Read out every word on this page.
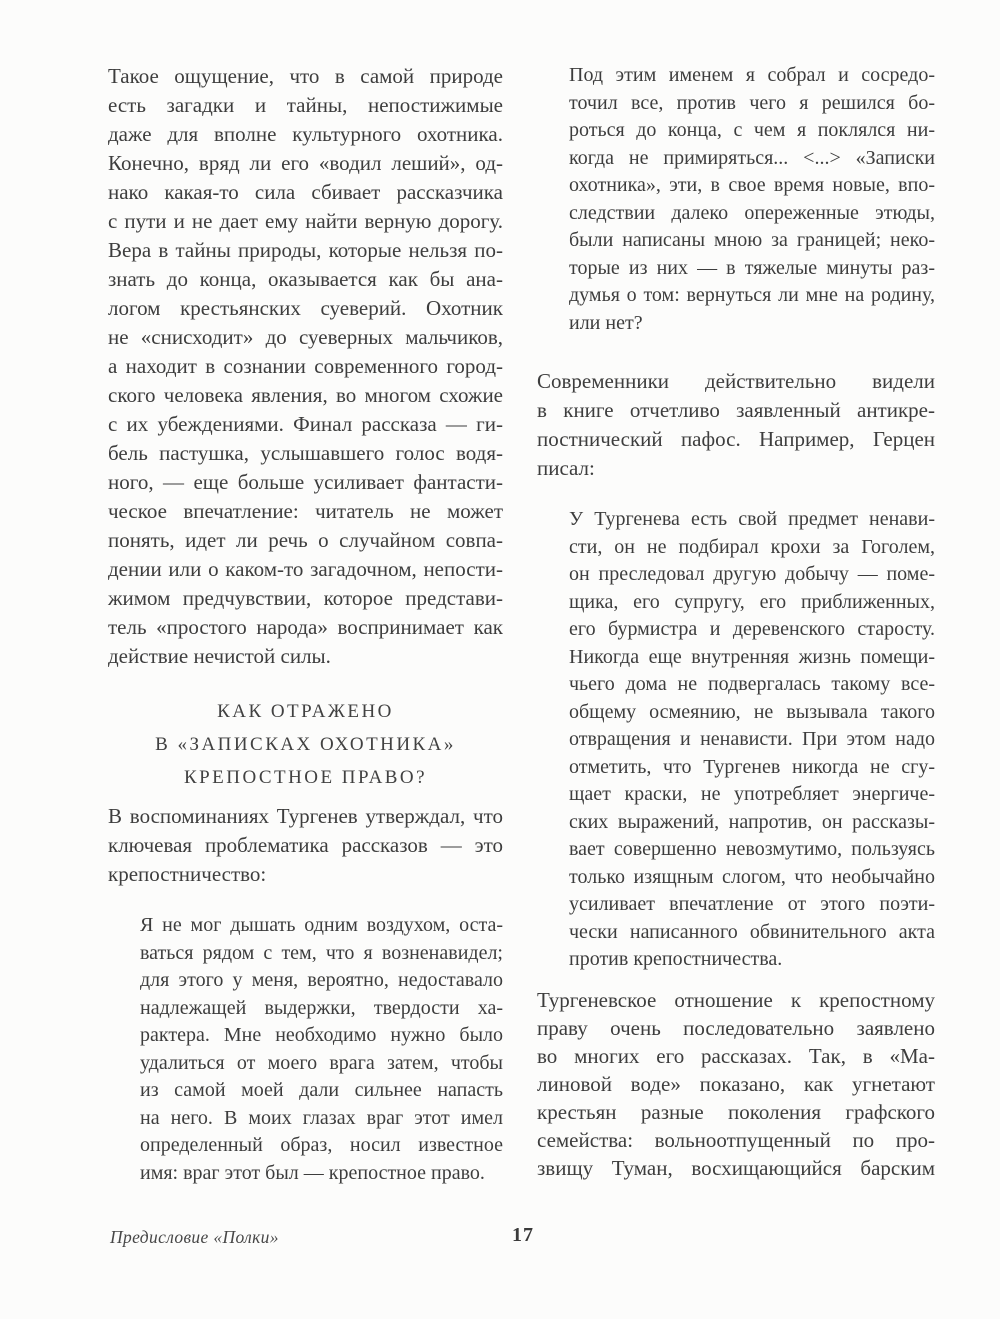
Такое ощущение, что в самой природе
есть загадки и тайны, непостижимые
даже для вполне культурного охотника.
Конечно, вряд ли его «водил леший», од-
нако какая-то сила сбивает рассказчика
с пути и не дает ему найти верную дорогу.
Вера в тайны природы, которые нельзя по-
знать до конца, оказывается как бы ана-
логом крестьянских суеверий. Охотник
не «снисходит» до суеверных мальчиков,
а находит в сознании современного город-
ского человека явления, во многом схожие
с их убеждениями. Финал рассказа — ги-
бель пастушка, услышавшего голос водя-
ного, — еще больше усиливает фантасти-
ческое впечатление: читатель не может
понять, идет ли речь о случайном совпа-
дении или о каком-то загадочном, непости-
жимом предчувствии, которое представи-
тель «простого народа» воспринимает как
действие нечистой силы.
КАК ОТРАЖЕНО
В «ЗАПИСКАХ ОХОТНИКА»
КРЕПОСТНОЕ ПРАВО?
В воспоминаниях Тургенев утверждал, что
ключевая проблематика рассказов — это
крепостничество:
Я не мог дышать одним воздухом, оста-
ваться рядом с тем, что я возненавидел;
для этого у меня, вероятно, недоставало
надлежащей выдержки, твердости ха-
рактера. Мне необходимо нужно было
удалиться от моего врага затем, чтобы
из самой моей дали сильнее напасть
на него. В моих глазах враг этот имел
определенный образ, носил известное
имя: враг этот был — крепостное право.
Под этим именем я собрал и сосредо-
точил все, против чего я решился бо-
роться до конца, с чем я поклялся ни-
когда не примиряться... <...> «Записки
охотника», эти, в свое время новые, впо-
следствии далеко опереженные этюды,
были написаны мною за границей; неко-
торые из них — в тяжелые минуты раз-
думья о том: вернуться ли мне на родину,
или нет?
Современники действительно видели
в книге отчетливо заявленный антикре-
постнический пафос. Например, Герцен
писал:
У Тургенева есть свой предмет ненави-
сти, он не подбирал крохи за Гоголем,
он преследовал другую добычу — поме-
щика, его супругу, его приближенных,
его бурмистра и деревенского старосту.
Никогда еще внутренняя жизнь помещи-
чьего дома не подвергалась такому все-
общему осмеянию, не вызывала такого
отвращения и ненависти. При этом надо
отметить, что Тургенев никогда не сгу-
щает краски, не употребляет энергиче-
ских выражений, напротив, он рассказы-
вает совершенно невозмутимо, пользуясь
только изящным слогом, что необычайно
усиливает впечатление от этого поэти-
чески написанного обвинительного акта
против крепостничества.
Тургеневское отношение к крепостному
праву очень последовательно заявлено
во многих его рассказах. Так, в «Ма-
линовой воде» показано, как угнетают
крестьян разные поколения графского
семейства: вольноотпущенный по про-
звищу Туман, восхищающийся барским
Предисловие «Полки»	17
